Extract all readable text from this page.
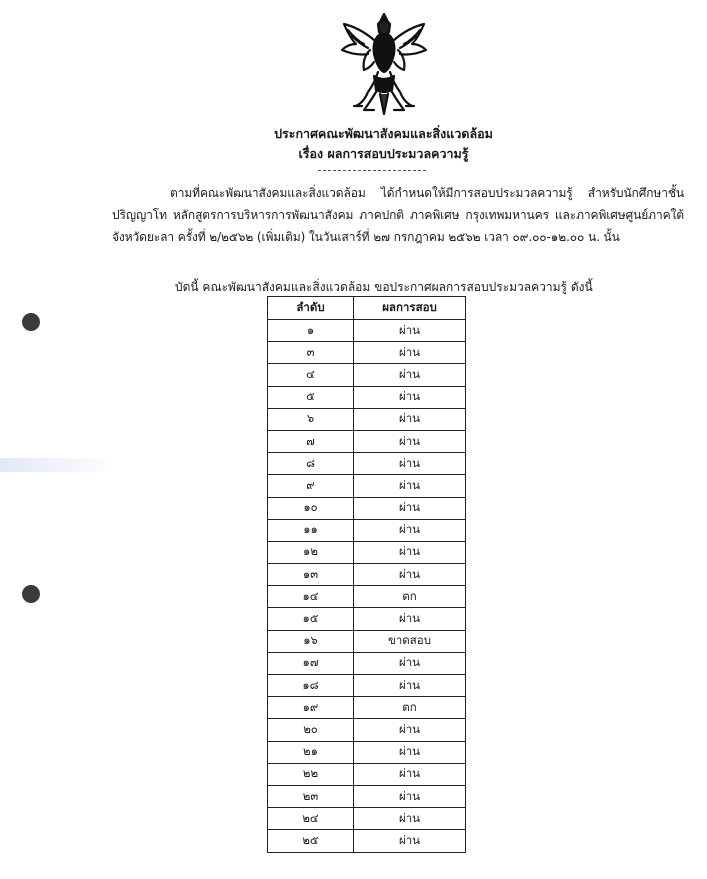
ประกาศคณะพัฒนาสังคมและสิ่งแวดล้อม
เรื่อง ผลการสอบประมวลความรู้
ตามที่คณะพัฒนาสังคมและสิ่งแวดล้อม ได้กำหนดให้มีการสอบประมวลความรู้ สำหรับนักศึกษาชั้นปริญญาโท หลักสูตรการบริหารการพัฒนาสังคม ภาคปกติ ภาคพิเศษ กรุงเทพมหานคร และภาคพิเศษศูนย์ภาคใต้ จังหวัดยะลา ครั้งที่ ๒/๒๕๖๒ (เพิ่มเติม) ในวันเสาร์ที่ ๒๗ กรกฎาคม ๒๕๖๒ เวลา ๐๙.๐๐-๑๒.๐๐ น. นั้น
บัดนี้ คณะพัฒนาสังคมและสิ่งแวดล้อม ขอประกาศผลการสอบประมวลความรู้ ดังนี้
ลำดับ	ผลการสอบ
๑	ผ่าน
๓	ผ่าน
๔	ผ่าน
๕	ผ่าน
๖	ผ่าน
๗	ผ่าน
๘	ผ่าน
๙	ผ่าน
๑๐	ผ่าน
๑๑	ผ่าน
๑๒	ผ่าน
๑๓	ผ่าน
๑๔	ตก
๑๕	ผ่าน
๑๖	ขาดสอบ
๑๗	ผ่าน
๑๘	ผ่าน
๑๙	ตก
๒๐	ผ่าน
๒๑	ผ่าน
๒๒	ผ่าน
๒๓	ผ่าน
๒๔	ผ่าน
๒๕	ผ่าน
